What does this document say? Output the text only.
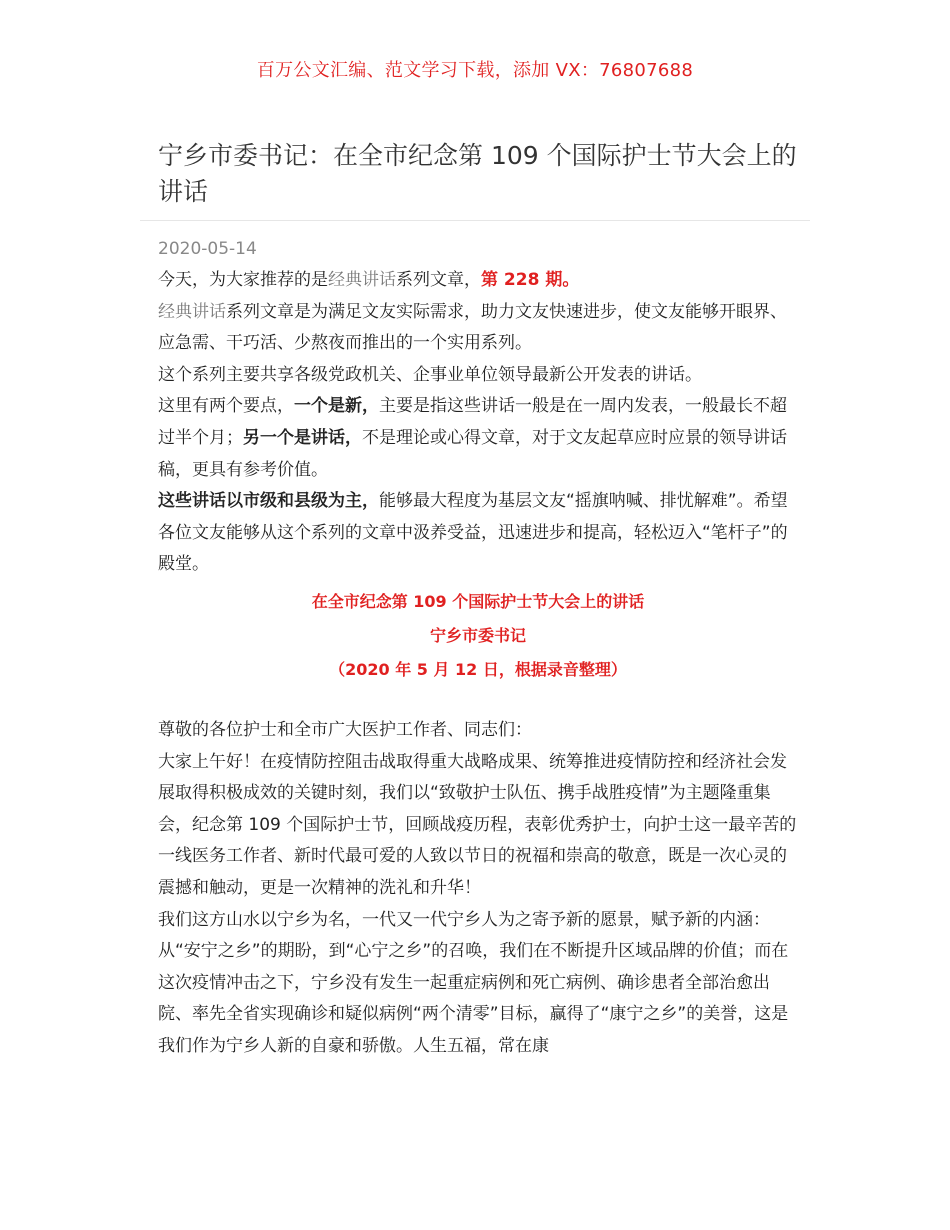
百万公文汇编、范文学习下载，添加 VX：76807688
宁乡市委书记：在全市纪念第 109 个国际护士节大会上的讲话
2020-05-14

今天，为大家推荐的是经典讲话系列文章，第 228 期。

经典讲话系列文章是为满足文友实际需求，助力文友快速进步，使文友能够开眼界、应急需、干巧活、少熬夜而推出的一个实用系列。

这个系列主要共享各级党政机关、企事业单位领导最新公开发表的讲话。

这里有两个要点，一个是新，主要是指这些讲话一般是在一周内发表，一般最长不超过半个月；另一个是讲话，不是理论或心得文章，对于文友起草应时应景的领导讲话稿，更具有参考价值。

这些讲话以市级和县级为主，能够最大程度为基层文友“摇旗呐喊、排忧解难”。希望各位文友能够从这个系列的文章中汲养受益，迅速进步和提高，轻松迈入“笔杆子”的殿堂。

在全市纪念第 109 个国际护士节大会上的讲话

宁乡市委书记

（2020 年 5 月 12 日，根据录音整理）

尊敬的各位护士和全市广大医护工作者、同志们：

大家上午好！在疫情防控阻击战取得重大战略成果、统筹推进疫情防控和经济社会发展取得积极成效的关键时刻，我们以“致敬护士队伍、携手战胜疫情”为主题隆重集会，纪念第 109 个国际护士节，回顾战疫历程，表彰优秀护士，向护士这一最辛苦的一线医务工作者、新时代最可爱的人致以节日的祝福和崇高的敬意，既是一次心灵的震撼和触动，更是一次精神的洗礼和升华！

我们这方山水以宁乡为名，一代又一代宁乡人为之寄予新的愿景，赋予新的内涵：从“安宁之乡”的期盼，到“心宁之乡”的召唤，我们在不断提升区域品牌的价值；而在这次疫情冲击之下，宁乡没有发生一起重症病例和死亡病例、确诊患者全部治愈出院、率先全省实现确诊和疑似病例“两个清零”目标，赢得了“康宁之乡”的美誉，这是我们作为宁乡人新的自豪和骄傲。人生五福，常在康
